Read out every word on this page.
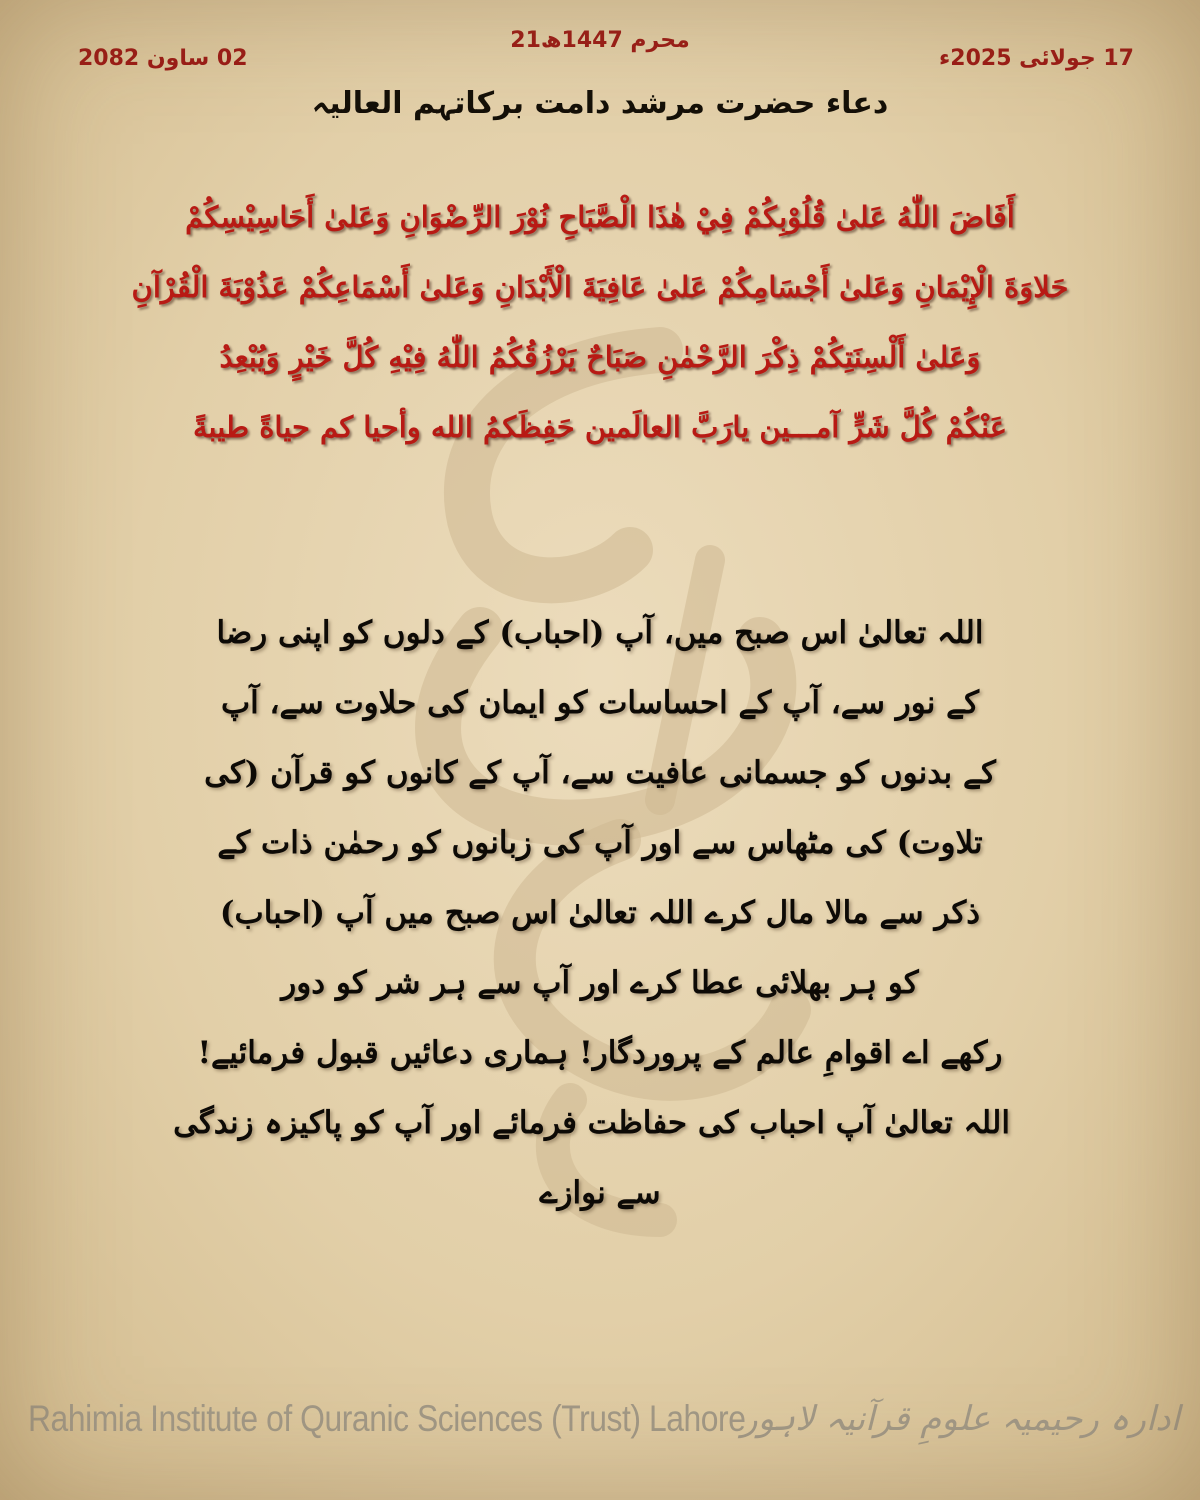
21محرم 1447ھ
17 جولائی 2025ء
02 ساون 2082
دعاء حضرت مرشد دامت برکاتہم العالیہ
أَفَاضَ اللّٰهُ عَلىٰ قُلُوْبِكُمْ فِيْ هٰذَا الْصَّبَاحِ نُوْرَ الرِّضْوَانِ وَعَلىٰ أَحَاسِيْسِكُمْ
حَلاوَةَ الْإِيْمَانِ وَعَلىٰ أَجْسَامِكُمْ عَلىٰ عَافِيَةَ الْأَبْدَانِ وَعَلىٰ أَسْمَاعِكُمْ عَذُوْبَةَ الْقُرْآنِ
وَعَلىٰ أَلْسِنَتِكُمْ ذِكْرَ الرَّحْمٰنِ صَبَاحٌ يَرْزُقُكُمُ اللّٰهُ فِيْهِ كُلَّ خَيْرٍ وَيُبْعِدُ
عَنْكُمْ كُلَّ شَرٍّ آمـــين يارَبَّ العالَمين حَفِظَكمُ الله وأحيا كم حياةً طيبةً
اللہ تعالیٰ اس صبح میں، آپ (احباب) کے دلوں کو اپنی رضا
کے نور سے، آپ کے احساسات کو ایمان کی حلاوت سے، آپ
کے بدنوں کو جسمانی عافیت سے، آپ کے کانوں کو قرآن (کی
تلاوت) کی مٹھاس سے اور آپ کی زبانوں کو رحمٰن ذات کے
ذکر سے مالا مال کرے اللہ تعالیٰ اس صبح میں آپ (احباب)
کو ہر بھلائی عطا کرے اور آپ سے ہر شر کو دور
رکھے اے اقوامِ عالم کے پروردگار! ہماری دعائیں قبول فرمائیے!
اللہ تعالیٰ آپ احباب کی حفاظت فرمائے اور آپ کو پاکیزہ زندگی
سے نوازے
Rahimia Institute of Quranic Sciences (Trust) Lahore
ادارہ رحیمیہ علومِ قرآنیہ لاہور
